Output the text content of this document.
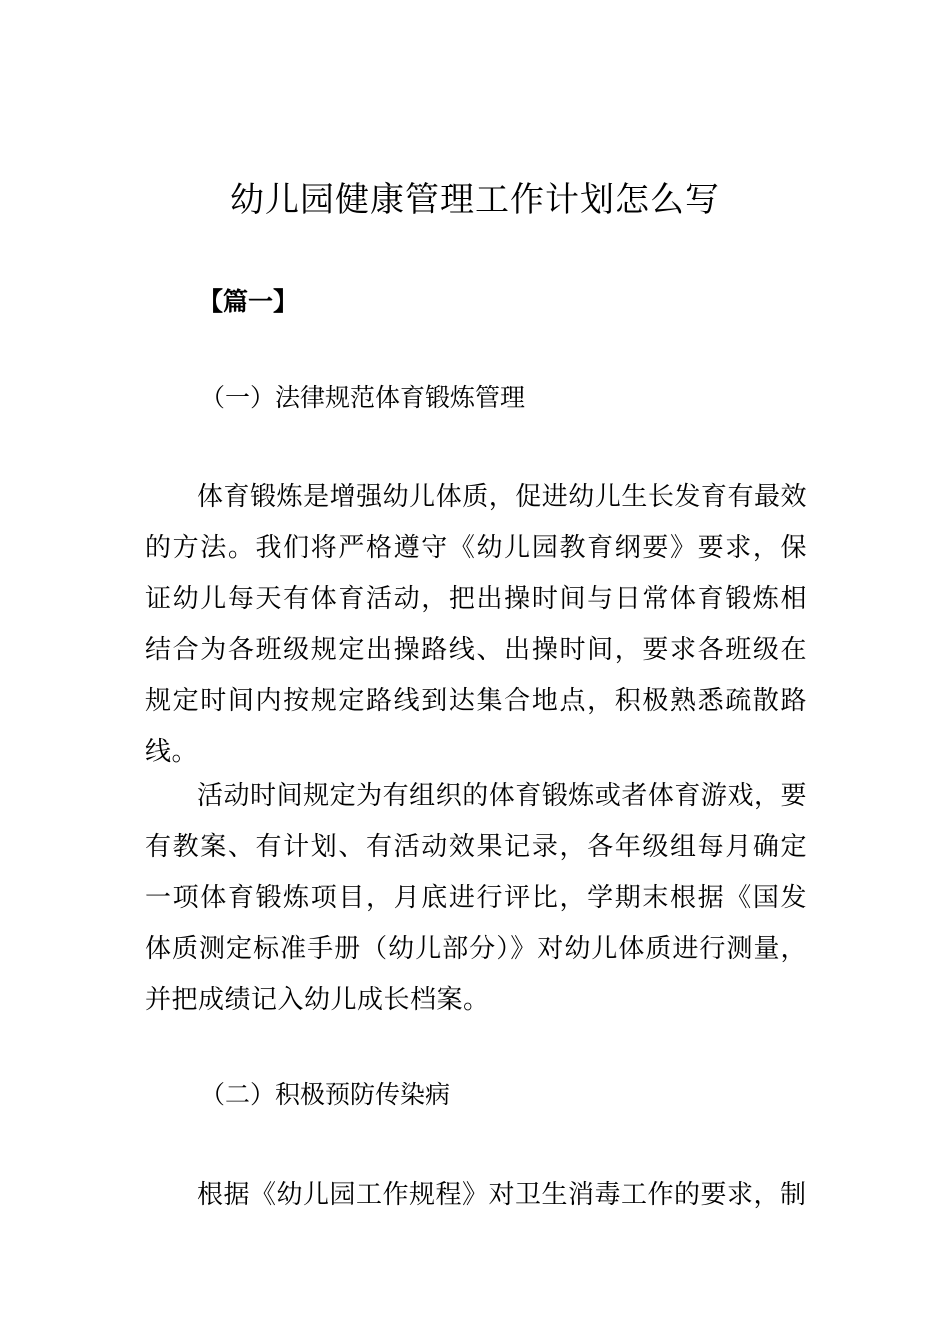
幼儿园健康管理工作计划怎么写

【篇一】

（一）法律规范体育锻炼管理

体育锻炼是增强幼儿体质，促进幼儿生长发育有最效的方法。我们将严格遵守《幼儿园教育纲要》要求，保证幼儿每天有体育活动，把出操时间与日常体育锻炼相结合为各班级规定出操路线、出操时间，要求各班级在规定时间内按规定路线到达集合地点，积极熟悉疏散路线。

活动时间规定为有组织的体育锻炼或者体育游戏，要有教案、有计划、有活动效果记录，各年级组每月确定一项体育锻炼项目，月底进行评比，学期末根据《国发体质测定标准手册（幼儿部分）》对幼儿体质进行测量，并把成绩记入幼儿成长档案。

（二）积极预防传染病

根据《幼儿园工作规程》对卫生消毒工作的要求，制
